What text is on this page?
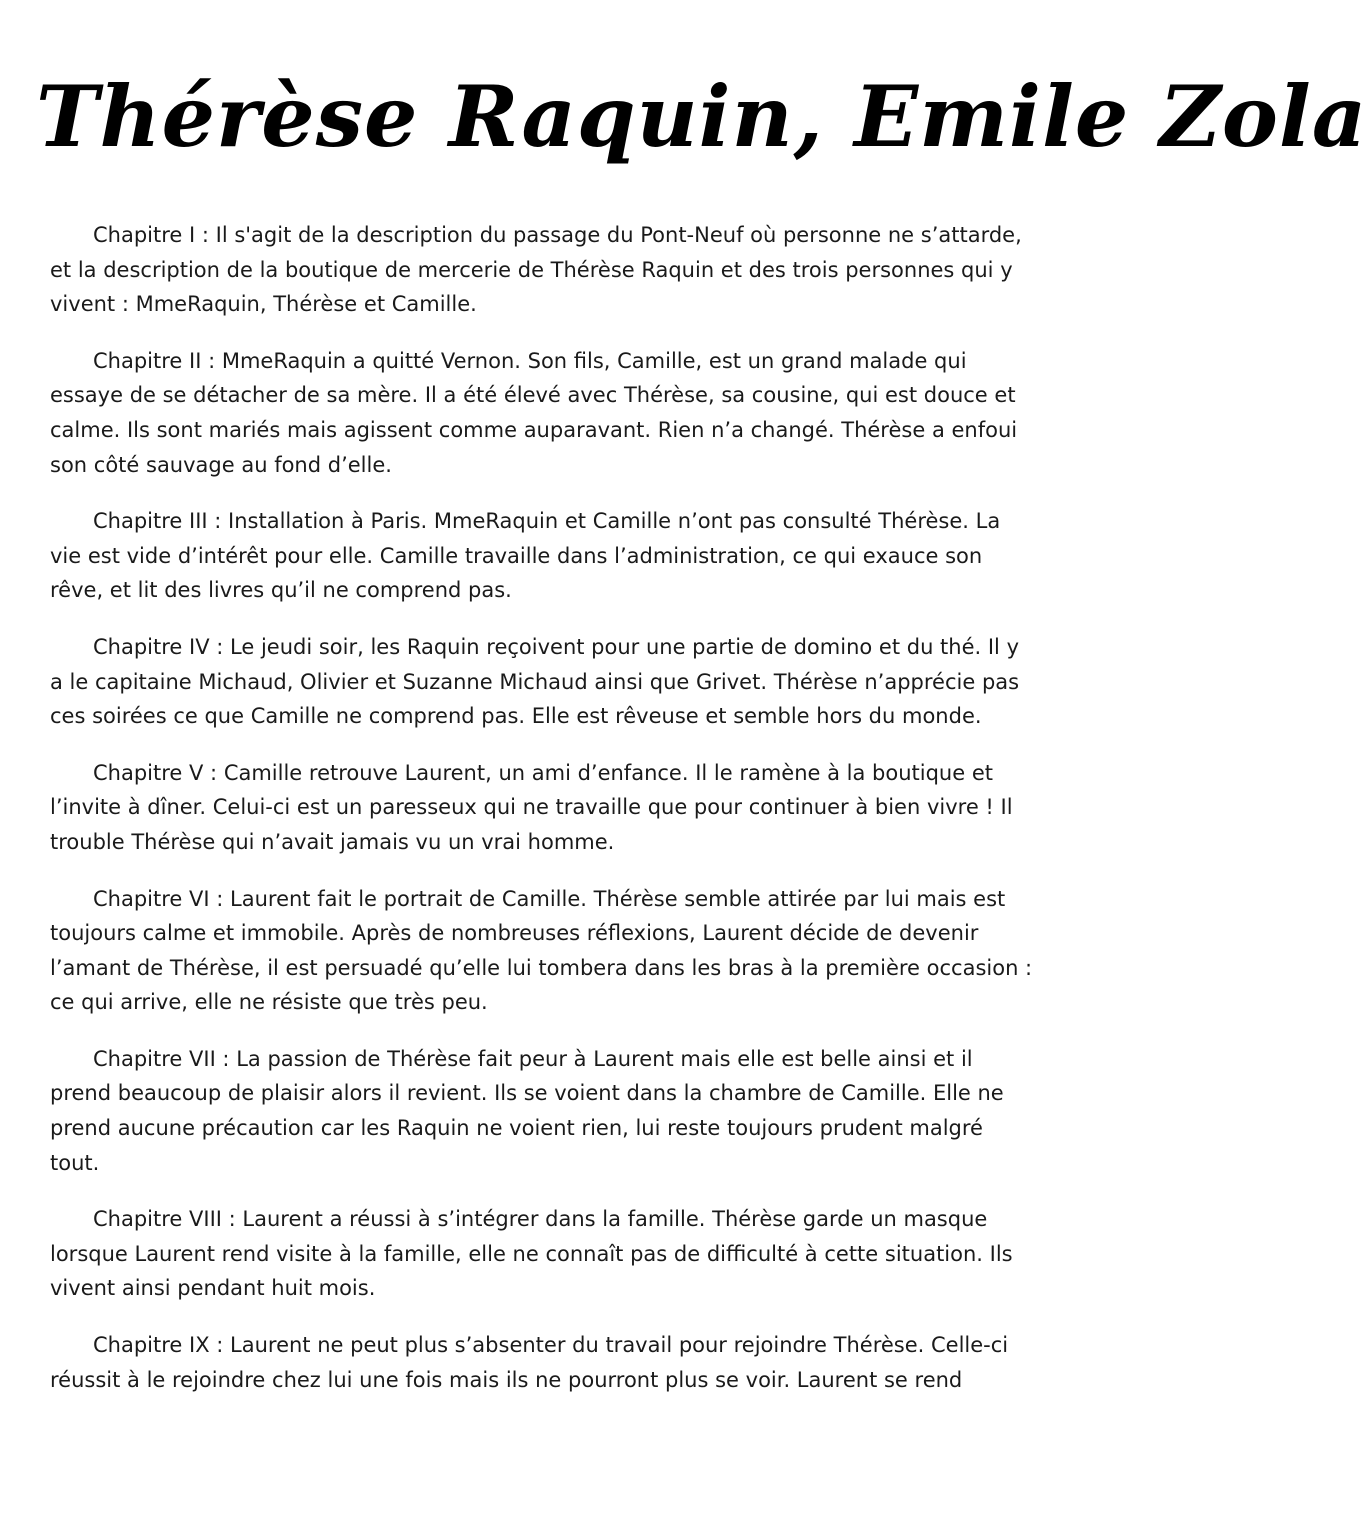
Thérèse Raquin, Emile Zola

Chapitre I : Il s'agit de la description du passage du Pont-Neuf où personne ne s’attarde, et la description de la boutique de mercerie de Thérèse Raquin et des trois personnes qui y vivent : MmeRaquin, Thérèse et Camille.

Chapitre II : MmeRaquin a quitté Vernon. Son fils, Camille, est un grand malade qui essaye de se détacher de sa mère. Il a été élevé avec Thérèse, sa cousine, qui est douce et calme. Ils sont mariés mais agissent comme auparavant. Rien n’a changé. Thérèse a enfoui son côté sauvage au fond d’elle.

Chapitre III : Installation à Paris. MmeRaquin et Camille n’ont pas consulté Thérèse. La vie est vide d’intérêt pour elle. Camille travaille dans l’administration, ce qui exauce son rêve, et lit des livres qu’il ne comprend pas.

Chapitre IV : Le jeudi soir, les Raquin reçoivent pour une partie de domino et du thé. Il y a le capitaine Michaud, Olivier et Suzanne Michaud ainsi que Grivet. Thérèse n’apprécie pas ces soirées ce que Camille ne comprend pas. Elle est rêveuse et semble hors du monde.

Chapitre V : Camille retrouve Laurent, un ami d’enfance. Il le ramène à la boutique et l’invite à dîner. Celui-ci est un paresseux qui ne travaille que pour continuer à bien vivre ! Il trouble Thérèse qui n’avait jamais vu un vrai homme.

Chapitre VI : Laurent fait le portrait de Camille. Thérèse semble attirée par lui mais est toujours calme et immobile. Après de nombreuses réflexions, Laurent décide de devenir l’amant de Thérèse, il est persuadé qu’elle lui tombera dans les bras à la première occasion : ce qui arrive, elle ne résiste que très peu.

Chapitre VII : La passion de Thérèse fait peur à Laurent mais elle est belle ainsi et il prend beaucoup de plaisir alors il revient. Ils se voient dans la chambre de Camille. Elle ne prend aucune précaution car les Raquin ne voient rien, lui reste toujours prudent malgré tout.

Chapitre VIII : Laurent a réussi à s’intégrer dans la famille. Thérèse garde un masque lorsque Laurent rend visite à la famille, elle ne connaît pas de difficulté à cette situation. Ils vivent ainsi pendant huit mois.

Chapitre IX : Laurent ne peut plus s’absenter du travail pour rejoindre Thérèse. Celle-ci réussit à le rejoindre chez lui une fois mais ils ne pourront plus se voir. Laurent se rend
